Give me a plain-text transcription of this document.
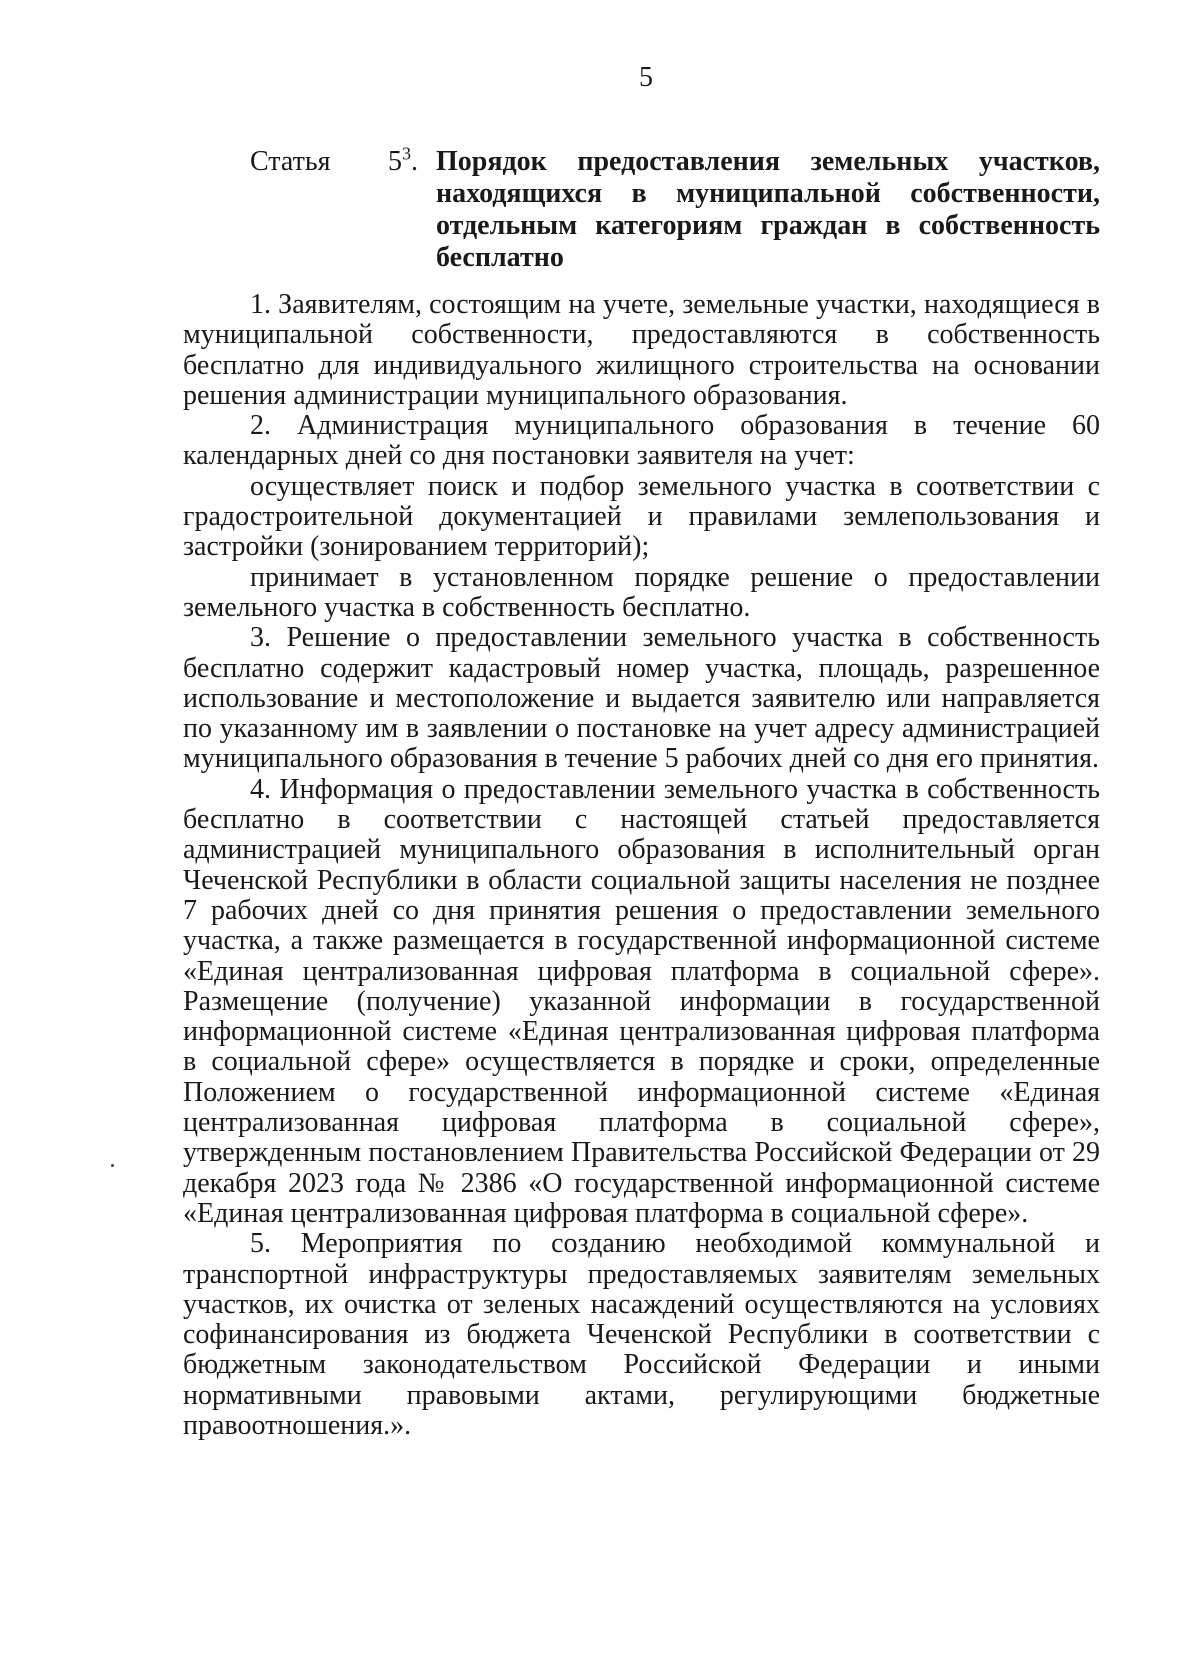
5
Статья $5^3$. Порядок предоставления земельных участков, находящихся в муниципальной собственности, отдельным категориям граждан в собственность бесплатно

1. Заявителям, состоящим на учете, земельные участки, находящиеся в муниципальной собственности, предоставляются в собственность бесплатно для индивидуального жилищного строительства на основании решения администрации муниципального образования.

2. Администрация муниципального образования в течение 60 календарных дней со дня постановки заявителя на учет:

осуществляет поиск и подбор земельного участка в соответствии с градостроительной документацией и правилами землепользования и застройки (зонированием территорий);

принимает в установленном порядке решение о предоставлении земельного участка в собственность бесплатно.

3. Решение о предоставлении земельного участка в собственность бесплатно содержит кадастровый номер участка, площадь, разрешенное использование и местоположение и выдается заявителю или направляется по указанному им в заявлении о постановке на учет адресу администрацией муниципального образования в течение 5 рабочих дней со дня его принятия.

4. Информация о предоставлении земельного участка в собственность бесплатно в соответствии с настоящей статьей предоставляется администрацией муниципального образования в исполнительный орган Чеченской Республики в области социальной защиты населения не позднее 7 рабочих дней со дня принятия решения о предоставлении земельного участка, а также размещается в государственной информационной системе «Единая централизованная цифровая платформа в социальной сфере». Размещение (получение) указанной информации в государственной информационной системе «Единая централизованная цифровая платформа в социальной сфере» осуществляется в порядке и сроки, определенные Положением о государственной информационной системе «Единая централизованная цифровая платформа в социальной сфере», утвержденным постановлением Правительства Российской Федерации от 29 декабря 2023 года № 2386 «О государственной информационной системе «Единая централизованная цифровая платформа в социальной сфере».

5. Мероприятия по созданию необходимой коммунальной и транспортной инфраструктуры предоставляемых заявителям земельных участков, их очистка от зеленых насаждений осуществляются на условиях софинансирования из бюджета Чеченской Республики в соответствии с бюджетным законодательством Российской Федерации и иными нормативными правовыми актами, регулирующими бюджетные правоотношения.».
